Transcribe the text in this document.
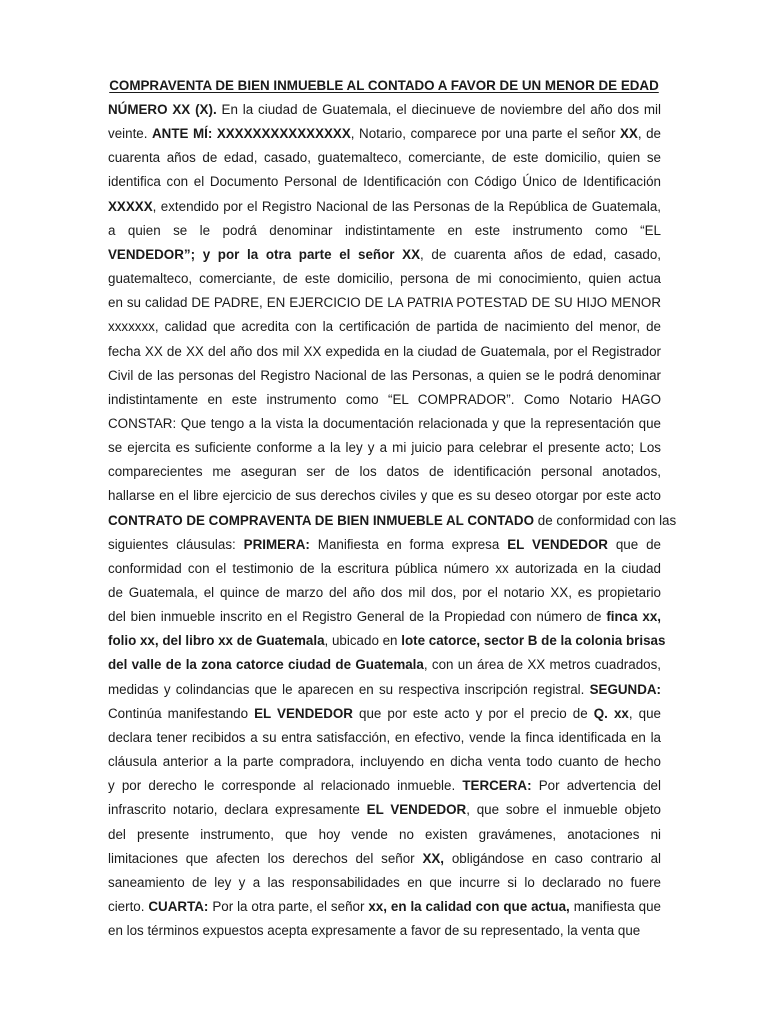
COMPRAVENTA DE BIEN INMUEBLE AL CONTADO A FAVOR DE UN MENOR DE EDAD
NÚMERO XX (X). En la ciudad de Guatemala, el diecinueve de noviembre del año dos mil
veinte. ANTE MÍ: XXXXXXXXXXXXXXX, Notario, comparece por una parte el señor XX, de
cuarenta años de edad, casado, guatemalteco, comerciante, de este domicilio, quien se
identifica con el Documento Personal de Identificación con Código Único de Identificación
XXXXX, extendido por el Registro Nacional de las Personas de la República de Guatemala,
a quien se le podrá denominar indistintamente en este instrumento como “EL
VENDEDOR”; y por la otra parte el señor XX, de cuarenta años de edad, casado,
guatemalteco, comerciante, de este domicilio, persona de mi conocimiento, quien actua
en su calidad DE PADRE, EN EJERCICIO DE LA PATRIA POTESTAD DE SU HIJO MENOR
xxxxxxx, calidad que acredita con la certificación de partida de nacimiento del menor, de
fecha XX de XX del año dos mil XX expedida en la ciudad de Guatemala, por el Registrador
Civil de las personas del Registro Nacional de las Personas, a quien se le podrá denominar
indistintamente en este instrumento como “EL COMPRADOR”. Como Notario HAGO
CONSTAR: Que tengo a la vista la documentación relacionada y que la representación que
se ejercita es suficiente conforme a la ley y a mi juicio para celebrar el presente acto; Los
comparecientes me aseguran ser de los datos de identificación personal anotados,
hallarse en el libre ejercicio de sus derechos civiles y que es su deseo otorgar por este acto
CONTRATO DE COMPRAVENTA DE BIEN INMUEBLE AL CONTADO de conformidad con las
siguientes cláusulas: PRIMERA: Manifiesta en forma expresa EL VENDEDOR que de
conformidad con el testimonio de la escritura pública número xx autorizada en la ciudad
de Guatemala, el quince de marzo del año dos mil dos, por el notario XX, es propietario
del bien inmueble inscrito en el Registro General de la Propiedad con número de finca xx,
folio xx, del libro xx de Guatemala, ubicado en lote catorce, sector B de la colonia brisas
del valle de la zona catorce ciudad de Guatemala, con un área de XX metros cuadrados,
medidas y colindancias que le aparecen en su respectiva inscripción registral. SEGUNDA:
Continúa manifestando EL VENDEDOR que por este acto y por el precio de Q. xx, que
declara tener recibidos a su entra satisfacción, en efectivo, vende la finca identificada en la
cláusula anterior a la parte compradora, incluyendo en dicha venta todo cuanto de hecho
y por derecho le corresponde al relacionado inmueble. TERCERA: Por advertencia del
infrascrito notario, declara expresamente EL VENDEDOR, que sobre el inmueble objeto
del presente instrumento, que hoy vende no existen gravámenes, anotaciones ni
limitaciones que afecten los derechos del señor XX, obligándose en caso contrario al
saneamiento de ley y a las responsabilidades en que incurre si lo declarado no fuere
cierto. CUARTA: Por la otra parte, el señor xx, en la calidad con que actua, manifiesta que
en los términos expuestos acepta expresamente a favor de su representado, la venta que
